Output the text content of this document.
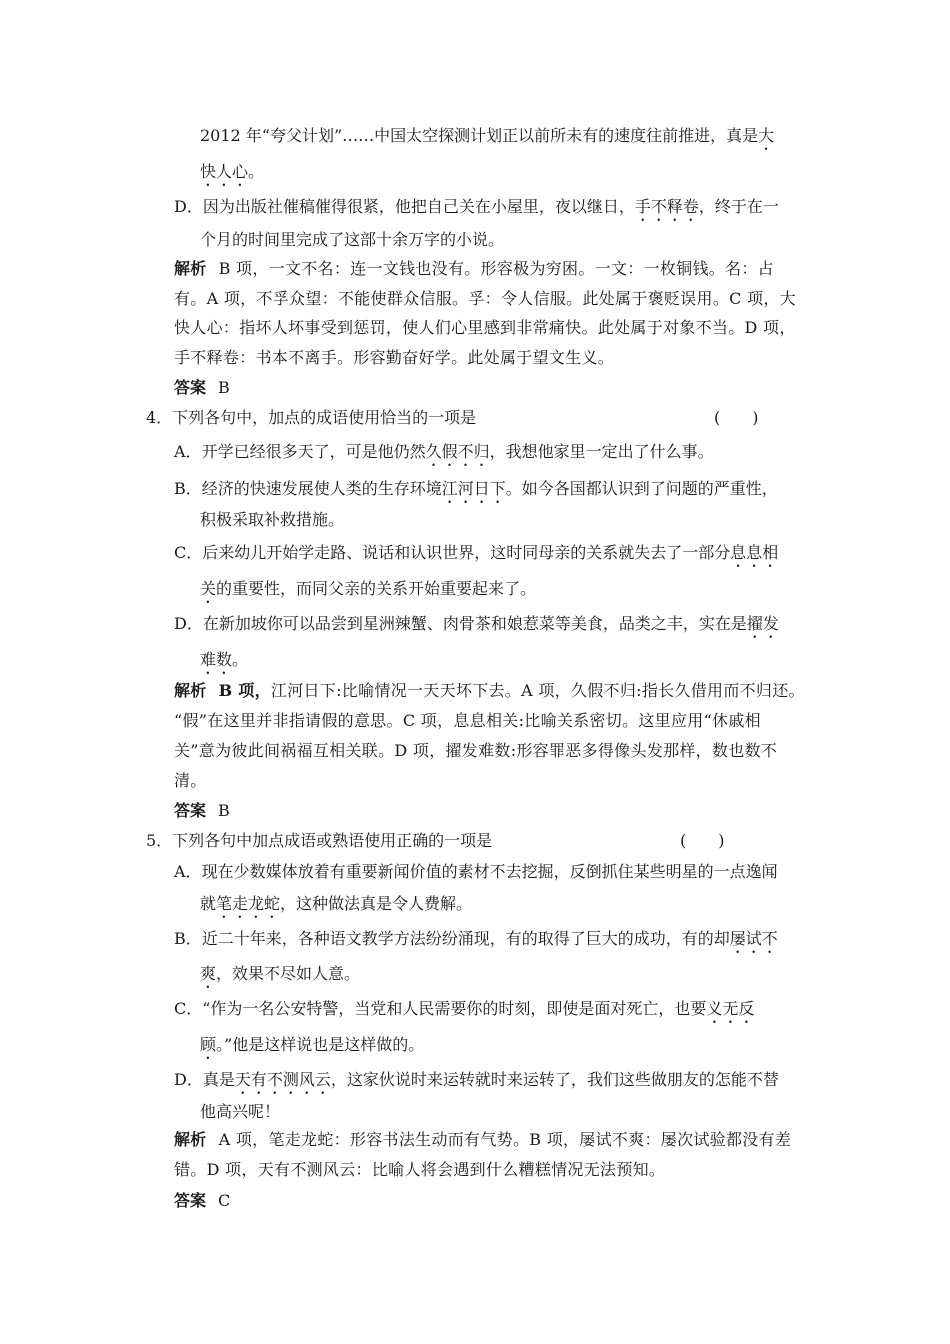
2012 年“夸父计划”……中国太空探测计划正以前所未有的速度往前推进，真是大
快人心。
D．因为出版社催稿催得很紧，他把自己关在小屋里，夜以继日，手不释卷，终于在一
个月的时间里完成了这部十余万字的小说。
解析 B 项，一文不名：连一文钱也没有。形容极为穷困。一文：一枚铜钱。名：占
有。A 项，不孚众望：不能使群众信服。孚：令人信服。此处属于褒贬误用。C 项，大
快人心：指坏人坏事受到惩罚，使人们心里感到非常痛快。此处属于对象不当。D 项，
手不释卷：书本不离手。形容勤奋好学。此处属于望文生义。
答案 B
4．下列各句中，加点的成语使用恰当的一项是	(　　)
A．开学已经很多天了，可是他仍然久假不归，我想他家里一定出了什么事。
B．经济的快速发展使人类的生存环境江河日下。如今各国都认识到了问题的严重性，
积极采取补救措施。
C．后来幼儿开始学走路、说话和认识世界，这时同母亲的关系就失去了一部分息息相
关的重要性，而同父亲的关系开始重要起来了。
D．在新加坡你可以品尝到星洲辣蟹、肉骨茶和娘惹菜等美食，品类之丰，实在是擢发
难数。
解析 B 项，江河日下:比喻情况一天天坏下去。A 项，久假不归:指长久借用而不归还。
“假”在这里并非指请假的意思。C 项，息息相关:比喻关系密切。这里应用“休戚相
关”意为彼此间祸福互相关联。D 项，擢发难数:形容罪恶多得像头发那样，数也数不
清。
答案 B
5．下列各句中加点成语或熟语使用正确的一项是	(　　)
A．现在少数媒体放着有重要新闻价值的素材不去挖掘，反倒抓住某些明星的一点逸闻
就笔走龙蛇，这种做法真是令人费解。
B．近二十年来，各种语文教学方法纷纷涌现，有的取得了巨大的成功，有的却屡试不
爽，效果不尽如人意。
C．“作为一名公安特警，当党和人民需要你的时刻，即使是面对死亡，也要义无反
顾。”他是这样说也是这样做的。
D．真是天有不测风云，这家伙说时来运转就时来运转了，我们这些做朋友的怎能不替
他高兴呢！
解析 A 项，笔走龙蛇：形容书法生动而有气势。B 项，屡试不爽：屡次试验都没有差
错。D 项，天有不测风云：比喻人将会遇到什么糟糕情况无法预知。
答案 C
